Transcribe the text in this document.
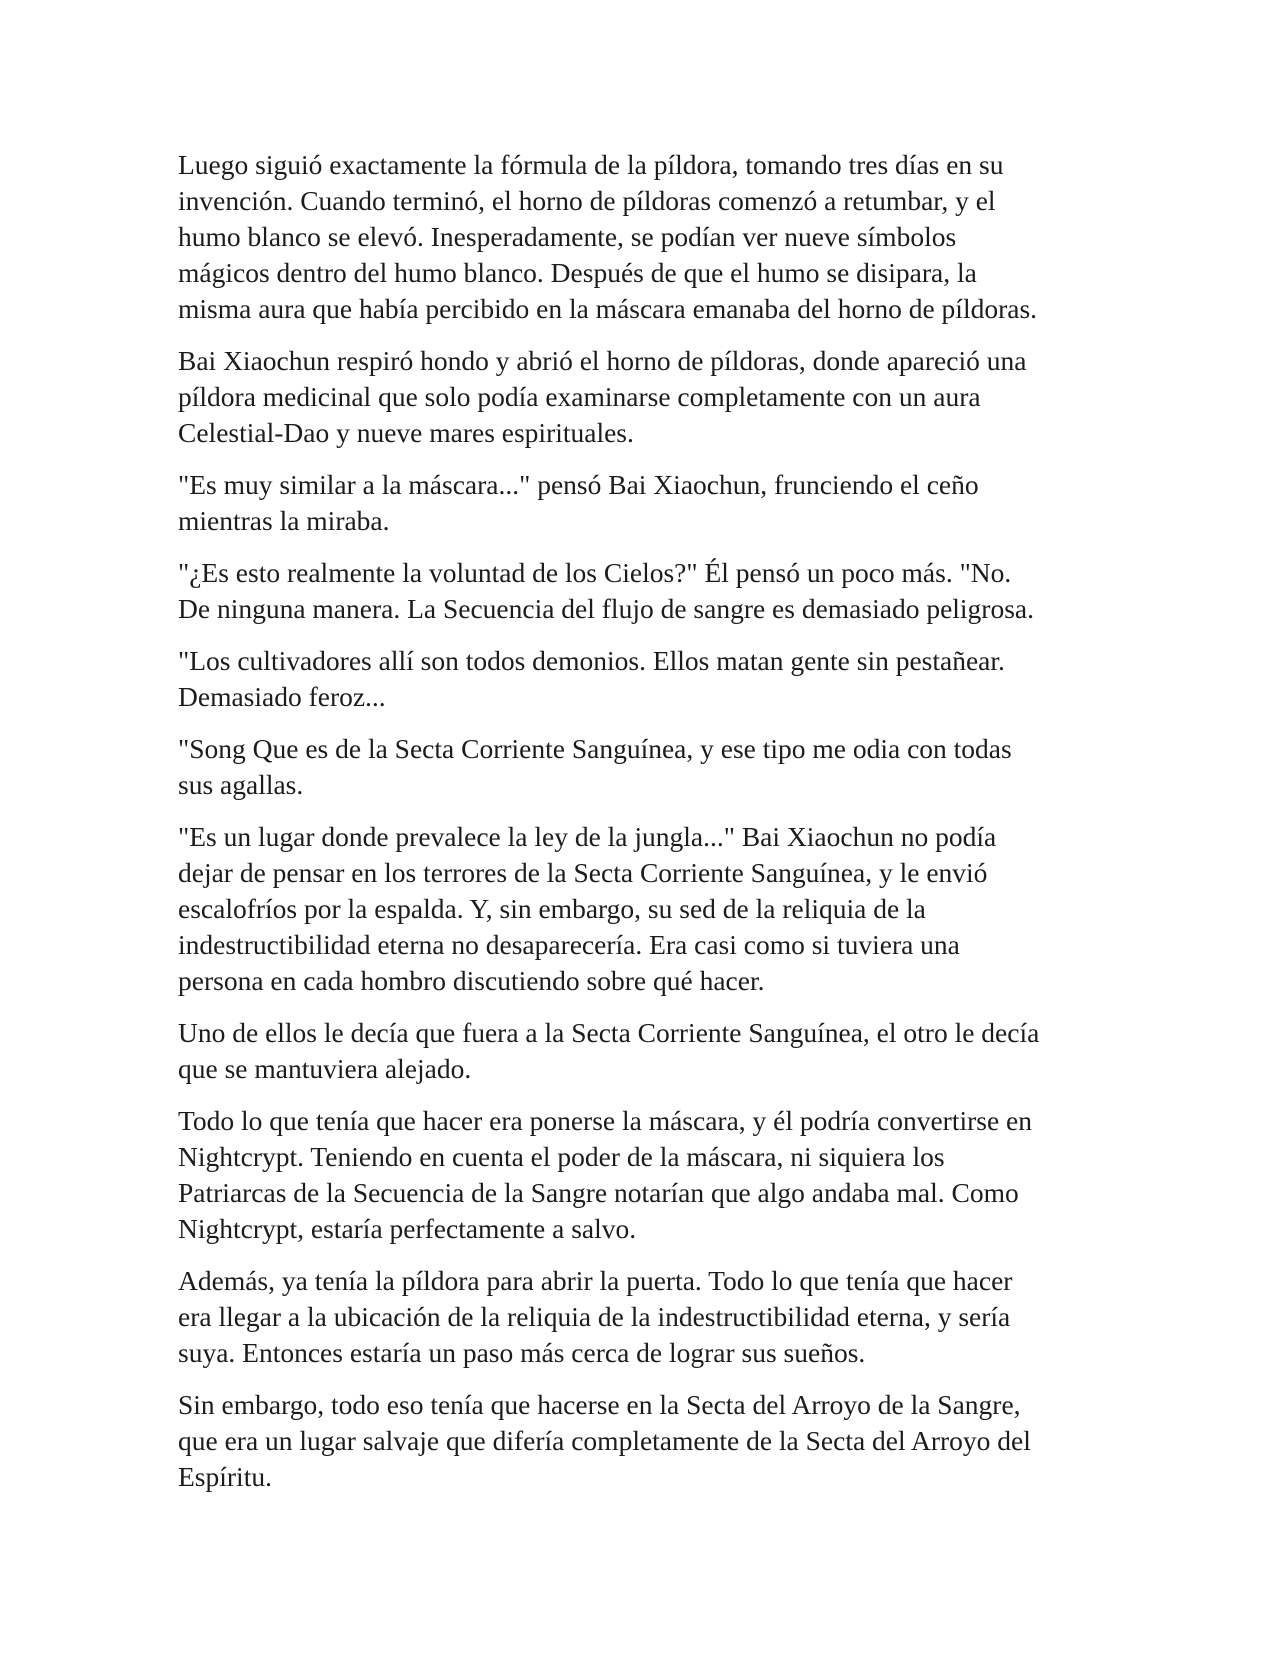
Luego siguió exactamente la fórmula de la píldora, tomando tres días en su
invención. Cuando terminó, el horno de píldoras comenzó a retumbar, y el
humo blanco se elevó. Inesperadamente, se podían ver nueve símbolos
mágicos dentro del humo blanco. Después de que el humo se disipara, la
misma aura que había percibido en la máscara emanaba del horno de píldoras.

Bai Xiaochun respiró hondo y abrió el horno de píldoras, donde apareció una
píldora medicinal que solo podía examinarse completamente con un aura
Celestial-Dao y nueve mares espirituales.

"Es muy similar a la máscara..." pensó Bai Xiaochun, frunciendo el ceño
mientras la miraba.

"¿Es esto realmente la voluntad de los Cielos?" Él pensó un poco más. "No.
De ninguna manera. La Secuencia del flujo de sangre es demasiado peligrosa.

"Los cultivadores allí son todos demonios. Ellos matan gente sin pestañear.
Demasiado feroz...

"Song Que es de la Secta Corriente Sanguínea, y ese tipo me odia con todas
sus agallas.

"Es un lugar donde prevalece la ley de la jungla..." Bai Xiaochun no podía
dejar de pensar en los terrores de la Secta Corriente Sanguínea, y le envió
escalofríos por la espalda. Y, sin embargo, su sed de la reliquia de la
indestructibilidad eterna no desaparecería. Era casi como si tuviera una
persona en cada hombro discutiendo sobre qué hacer.

Uno de ellos le decía que fuera a la Secta Corriente Sanguínea, el otro le decía
que se mantuviera alejado.

Todo lo que tenía que hacer era ponerse la máscara, y él podría convertirse en
Nightcrypt. Teniendo en cuenta el poder de la máscara, ni siquiera los
Patriarcas de la Secuencia de la Sangre notarían que algo andaba mal. Como
Nightcrypt, estaría perfectamente a salvo.

Además, ya tenía la píldora para abrir la puerta. Todo lo que tenía que hacer
era llegar a la ubicación de la reliquia de la indestructibilidad eterna, y sería
suya. Entonces estaría un paso más cerca de lograr sus sueños.

Sin embargo, todo eso tenía que hacerse en la Secta del Arroyo de la Sangre,
que era un lugar salvaje que difería completamente de la Secta del Arroyo del
Espíritu.
